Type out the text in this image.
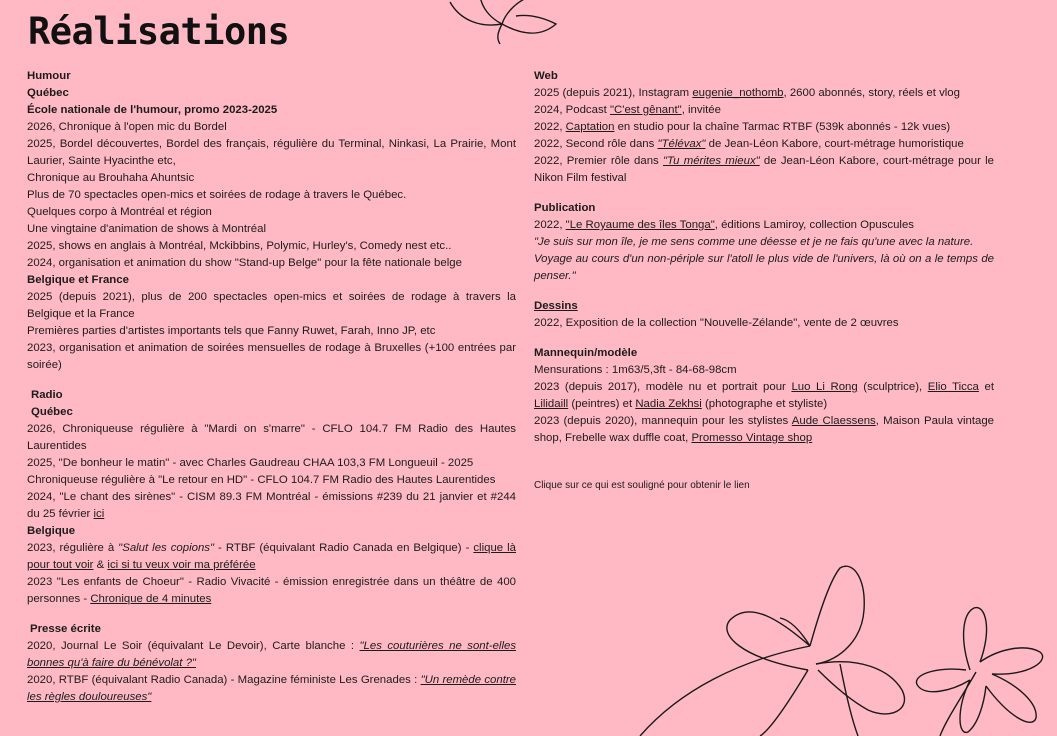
Réalisations
Humour
Québec
École nationale de l'humour, promo 2023-2025
2026, Chronique à l'open mic du Bordel
2025, Bordel découvertes, Bordel des français, régulière du Terminal, Ninkasi, La Prairie, Mont Laurier, Sainte Hyacinthe etc,
Chronique au Brouhaha Ahuntsic
Plus de 70 spectacles open-mics et soirées de rodage à travers le Québec.
Quelques corpo à Montréal et région
Une vingtaine d'animation de shows à Montréal
2025, shows en anglais à Montréal, Mckibbins, Polymic, Hurley's, Comedy nest etc..
2024, organisation et animation du show "Stand-up Belge" pour la fête nationale belge
Belgique et France
2025 (depuis 2021), plus de 200 spectacles open-mics et soirées de rodage à travers la Belgique et la France
Premières parties d'artistes importants tels que Fanny Ruwet, Farah, Inno JP, etc
2023, organisation et animation de soirées mensuelles de rodage à Bruxelles (+100 entrées par soirée)
Radio
Québec
2026, Chroniqueuse régulière à "Mardi on s'marre" - CFLO 104.7 FM Radio des Hautes Laurentides
2025, "De bonheur le matin" - avec Charles Gaudreau CHAA 103,3 FM Longueuil - 2025
Chroniqueuse régulière à "Le retour en HD" - CFLO 104.7 FM Radio des Hautes Laurentides
2024, "Le chant des sirènes" - CISM 89.3 FM Montréal - émissions #239 du 21 janvier et #244 du 25 février ici
Belgique
2023, régulière à "Salut les copions" - RTBF (équivalant Radio Canada en Belgique) - clique là pour tout voir & ici si tu veux voir ma préférée
2023 "Les enfants de Choeur" - Radio Vivacité - émission enregistrée dans un théâtre de 400 personnes - Chronique de 4 minutes
Presse écrite
2020, Journal Le Soir (équivalant Le Devoir), Carte blanche : "Les couturières ne sont-elles bonnes qu'à faire du bénévolat ?"
2020, RTBF (équivalant Radio Canada) - Magazine féministe Les Grenades : "Un remède contre les règles douloureuses"
Web
2025 (depuis 2021), Instagram eugenie_nothomb, 2600 abonnés, story, réels et vlog
2024, Podcast "C'est gênant", invitée
2022, Captation en studio pour la chaîne Tarmac RTBF (539k abonnés - 12k vues)
2022, Second rôle dans "Télévax" de Jean-Léon Kabore, court-métrage humoristique
2022, Premier rôle dans "Tu mérites mieux" de Jean-Léon Kabore, court-métrage pour le Nikon Film festival
Publication
2022, "Le Royaume des îles Tonga", éditions Lamiroy, collection Opuscules
"Je suis sur mon île, je me sens comme une déesse et je ne fais qu'une avec la nature.
Voyage au cours d'un non-périple sur l'atoll le plus vide de l'univers, là où on a le temps de penser."
Dessins
2022, Exposition de la collection "Nouvelle-Zélande", vente de 2 œuvres
Mannequin/modèle
Mensurations : 1m63/5,3ft - 84-68-98cm
2023 (depuis 2017), modèle nu et portrait pour Luo Li Rong (sculptrice), Elio Ticca et Lilidaill (peintres) et Nadia Zekhsi (photographe et styliste)
2023 (depuis 2020), mannequin pour les stylistes Aude Claessens, Maison Paula vintage shop, Frebelle wax duffle coat, Promesso Vintage shop
Clique sur ce qui est souligné pour obtenir le lien
